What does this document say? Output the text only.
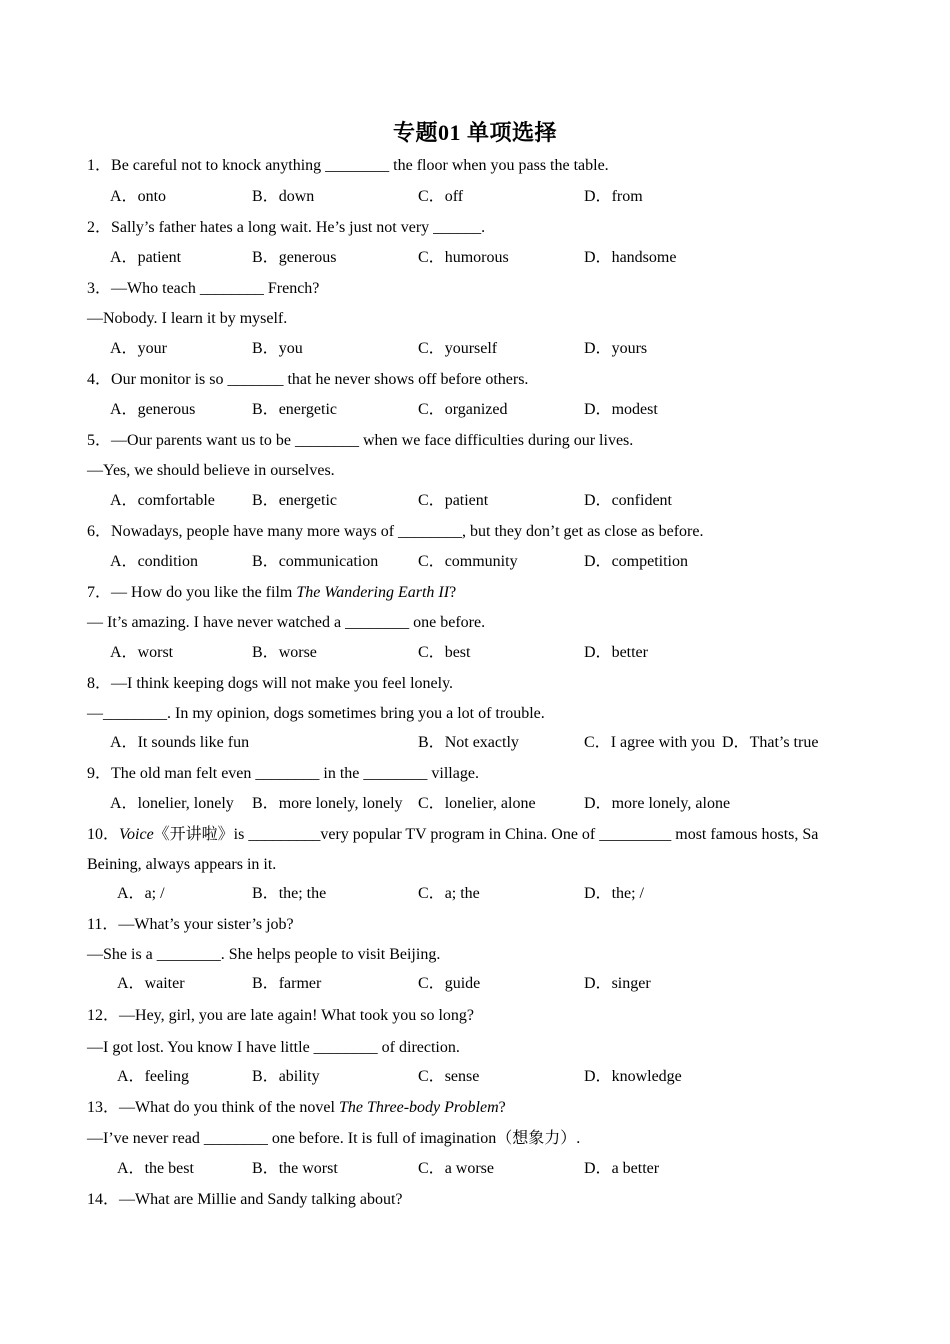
专题01 单项选择
1．Be careful not to knock anything ________ the floor when you pass the table.
A．onto	B．down	C．off	D．from
2．Sally’s father hates a long wait. He’s just not very ______.
A．patient	B．generous	C．humorous	D．handsome
3．—Who teach ________ French?
—Nobody. I learn it by myself.
A．your	B．you	C．yourself	D．yours
4．Our monitor is so _______ that he never shows off before others.
A．generous	B．energetic	C．organized	D．modest
5．—Our parents want us to be ________ when we face difficulties during our lives.
—Yes, we should believe in ourselves.
A．comfortable B．energetic	C．patient	D．confident
6．Nowadays, people have many more ways of ________, but they don’t get as close as before.
A．condition	B．communication C．community	D．competition
7．— How do you like the film The Wandering Earth II?
— It’s amazing. I have never watched a ________ one before.
A．worst	B．worse	C．best	D．better
8．—I think keeping dogs will not make you feel lonely.
—________. In my opinion, dogs sometimes bring you a lot of trouble.
A．It sounds like fun	B．Not exactly	C．I agree with you D．That’s true
9．The old man felt even ________ in the ________ village.
A．lonelier, lonely B．more lonely, lonely C．lonelier, alone	D．more lonely, alone
10．Voice《开讲啦》is _________very popular TV program in China. One of _________ most famous hosts, Sa
Beining, always appears in it.
A．a; /	B．the; the	C．a; the	D．the; /
11．—What’s your sister’s job?
—She is a ________. She helps people to visit Beijing.
A．waiter	B．farmer	C．guide	D．singer
12．—Hey, girl, you are late again! What took you so long?
—I got lost. You know I have little ________ of direction.
A．feeling	B．ability	C．sense	D．knowledge
13．—What do you think of the novel The Three-body Problem?
—I’ve never read ________ one before. It is full of imagination（想象力）.
A．the best	B．the worst	C．a worse	D．a better
14．—What are Millie and Sandy talking about?
